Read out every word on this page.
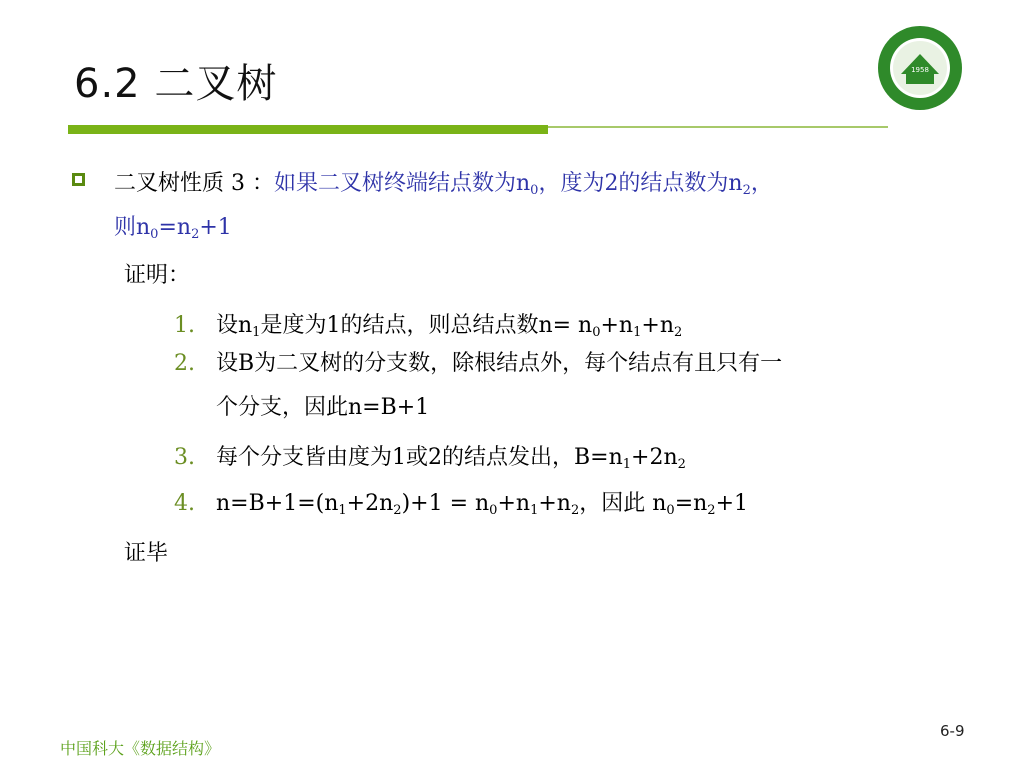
6.2 二叉树	1958
二叉树性质 3 ：如果二叉树终端结点数为$n_0$，度为2的结点数为$n_2$，
则$n_0=n_2+1$
证明：
1. 设$n_1$是度为1的结点，则总结点数$n= n_0+n_1+n_2$
2. 设B为二叉树的分支数，除根结点外，每个结点有且只有一
个分支，因此n=B+1
3. 每个分支皆由度为1或2的结点发出，$B=n_1+2n_2$
4. $n=B+1=(n_1+2n_2)+1 = n_0+n_1+n_2$，因此 $n_0=n_2+1$
证毕
6-9
中国科大《数据结构》
